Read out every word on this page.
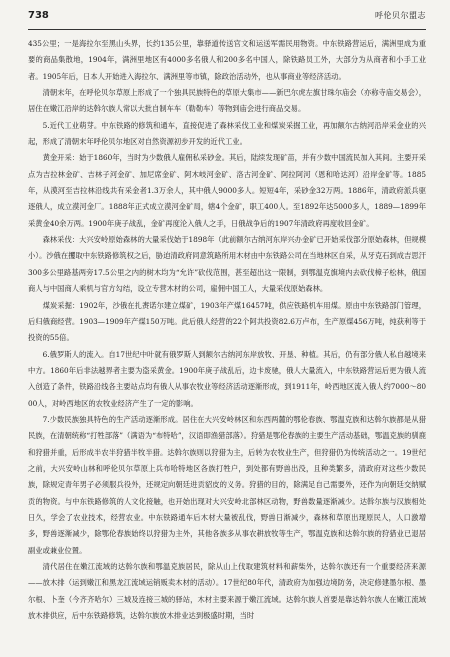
738	呼伦贝尔盟志

435公里；一是海拉尔至黑山头界，长约135公里，靠驿道传送官文和运送军需民用物资。中东铁路营运后，满洲里成为重要的商品集散地，1904年，满洲里地区有4000多名俄人和200多名中国人，除铁路员工外，大部分为从商者和小手工业者。1905年后，日本人开始进入海拉尔、满洲里等市镇，除政治活动外，也从事商业等经济活动。

清朝末年，在呼伦贝尔草原上形成了一个独具民族特色的草原大集市——新巴尔虎左旗甘珠尔庙会（亦称寺庙交易会），居住在嫩江沿岸的达斡尔族人常以大批自制车车（勒勒车）等物到庙会进行商品交易。

5.近代工业萌芽。中东铁路的修筑和通车，直接促进了森林采伐工业和煤炭采掘工业，再加额尔古纳河沿岸采金业的兴起，形成了清朝末年呼伦贝尔地区对自然资源初步开发的近代工业。

黄金开采：始于1860年，当时为少数俄人雇佣私采砂金。其后，陆续发现矿苗，并有少数中国流民加入其间。主要开采点为吉拉林金矿、吉林子河金矿、加尼席金矿、阿木岐河金矿、洛古河金矿、阿拉阿河（恩和哈达河）沿岸金矿等。1885年，从漠河至吉拉林沿线共有采金者1.3万余人，其中俄人9000多人。短短4年，采砂金32万两。1886年，清政府派兵驱逐俄人，成立漠河金厂。1888年正式成立漠河金矿局，辖4个金矿，职工400人。至1892年达5000多人，1889—1899年采黄金40余万两。1900年庚子战乱，金矿再度沦入俄人之手，日俄战争后的1907年清政府再度收回金矿。

森林采伐：大兴安岭原始森林的大量采伐始于1898年（此前额尔古纳河东岸兴办金矿已开始采伐部分原始森林，但规模小）。沙俄在攫取中东铁路修筑权之后，胁迫清政府同意筑路所用木材由中东铁路公司在当地林区自采，从牙克石到成吉思汗300多公里路基两旁17.5公里之内的树木均为“允许”砍伐范围，甚至超出这一限制，到鄂温克旗境内去砍伐樟子松林，俄国商人与中国商人乘机与官方勾结，设立专营木材的公司，雇佣中国工人，大量采伐原始森林。

煤炭采掘：1902年，沙俄在扎赉诺尔建立煤矿，1903年产煤16457吨，供应铁路机车用煤。原由中东铁路部门管理，后归俄商经营。1903—1909年产煤150万吨。此后俄人经营的22个阿共投资82.6万卢布，生产原煤456万吨，纯获利等于投资的55倍。

6.俄罗斯人的流入。自17世纪中叶就有俄罗斯人到额尔古纳河东岸放牧、开垦、种植。其后，仍有部分俄人私自越境来中方。1860年后非法越界者主要为盗采黄金。1900年庚子战乱后，边卡废驰，俄人大量流入，中东铁路营运后更为俄人流入创造了条件，铁路沿线各主要站点均有俄人从事农牧业等经济活动逐渐形成，到1911年，岭西地区流入俄人约7000～8000人，对岭西地区的农牧业经济产生了一定的影响。

7.少数民族独具特色的生产活动逐渐形成。居住在大兴安岭林区和东西两麓的鄂伦春族、鄂温克族和达斡尔族都是从猎民族，在清朝统称“打牲部落”（满语为“布特哈”，汉语即渔猎部落）。狩猎是鄂伦春族的主要生产活动基础，鄂温克族的驯鹿和狩猎并重，后形成半农半狩猎半牧半猎。达斡尔族则以狩猎为主，后转为农牧业生产，但狩猎仍为传统活动之一。19世纪之前，大兴安岭山林和呼伦贝尔草原上兵布哈特地区各族打牲户，到处都有野兽出没，且种类繁多，清政府对这些少数民族，除规定青年男子必须服兵役外，还规定向朝廷进贡貂皮的义务。狩猎的目的，除满足自己需要外，还作为向朝廷交纳赋贡的物资。与中东铁路修筑的人文化接触，也开始出现对大兴安岭北部林区动物，野兽数量逐渐减少。达斡尔族与汉族相处日久，学会了农业技术，经营农业。中东铁路通车后木材大量被乱伐，野兽日渐减少，森林和草原出现原民人，人口激增多，野兽逐渐减少，除鄂伦春族始终以狩猎为主外，其他各族多从事农耕放牧等生产，鄂温克族和达斡尔族的狩猎业已退居副业或兼业位置。

清代居住在嫩江流域的达斡尔族和鄂温克族居民，除从山上伐取建筑材料和薪柴外，达斡尔族还有一个重要经济来源——放木排（运到嫩江和黑龙江流域运销贩卖木材的活动）。17世纪80年代，清政府为加强边境防务，决定修建墨尔根、墨尔根、卜奎（今齐齐哈尔）三城及连接三城的驿站，木材主要来源于嫩江流域。达斡尔族人首要是靠达斡尔族人在嫩江流域放木排供应，后中东铁路修筑，达斡尔族放木排业达到极盛时期，当时
